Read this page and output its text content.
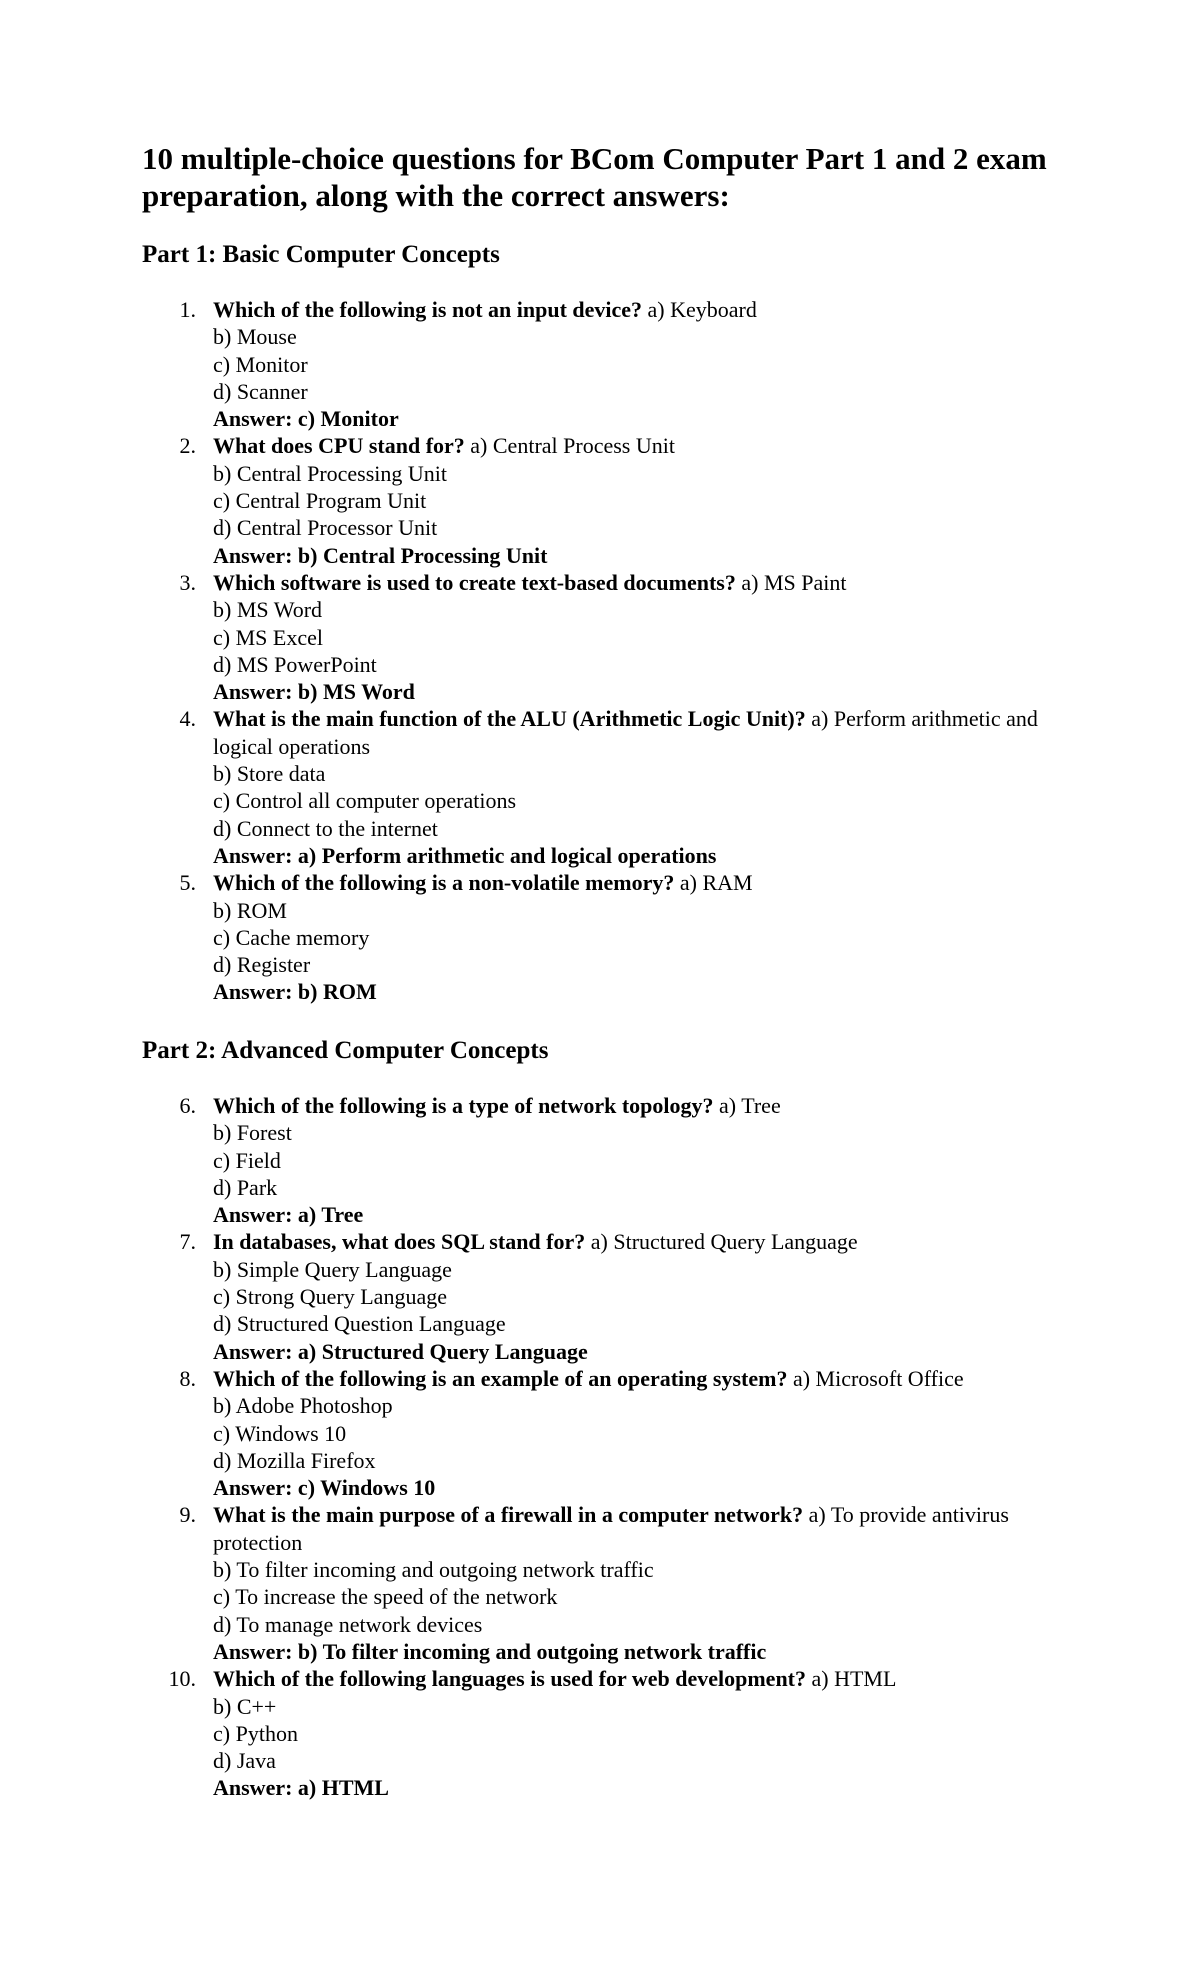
10 multiple-choice questions for BCom Computer Part 1 and 2 exam preparation, along with the correct answers:
Part 1: Basic Computer Concepts
1. Which of the following is not an input device? a) Keyboard
b) Mouse
c) Monitor
d) Scanner
Answer: c) Monitor
2. What does CPU stand for? a) Central Process Unit
b) Central Processing Unit
c) Central Program Unit
d) Central Processor Unit
Answer: b) Central Processing Unit
3. Which software is used to create text-based documents? a) MS Paint
b) MS Word
c) MS Excel
d) MS PowerPoint
Answer: b) MS Word
4. What is the main function of the ALU (Arithmetic Logic Unit)? a) Perform arithmetic and logical operations
b) Store data
c) Control all computer operations
d) Connect to the internet
Answer: a) Perform arithmetic and logical operations
5. Which of the following is a non-volatile memory? a) RAM
b) ROM
c) Cache memory
d) Register
Answer: b) ROM
Part 2: Advanced Computer Concepts
6. Which of the following is a type of network topology? a) Tree
b) Forest
c) Field
d) Park
Answer: a) Tree
7. In databases, what does SQL stand for? a) Structured Query Language
b) Simple Query Language
c) Strong Query Language
d) Structured Question Language
Answer: a) Structured Query Language
8. Which of the following is an example of an operating system? a) Microsoft Office
b) Adobe Photoshop
c) Windows 10
d) Mozilla Firefox
Answer: c) Windows 10
9. What is the main purpose of a firewall in a computer network? a) To provide antivirus protection
b) To filter incoming and outgoing network traffic
c) To increase the speed of the network
d) To manage network devices
Answer: b) To filter incoming and outgoing network traffic
10. Which of the following languages is used for web development? a) HTML
b) C++
c) Python
d) Java
Answer: a) HTML
